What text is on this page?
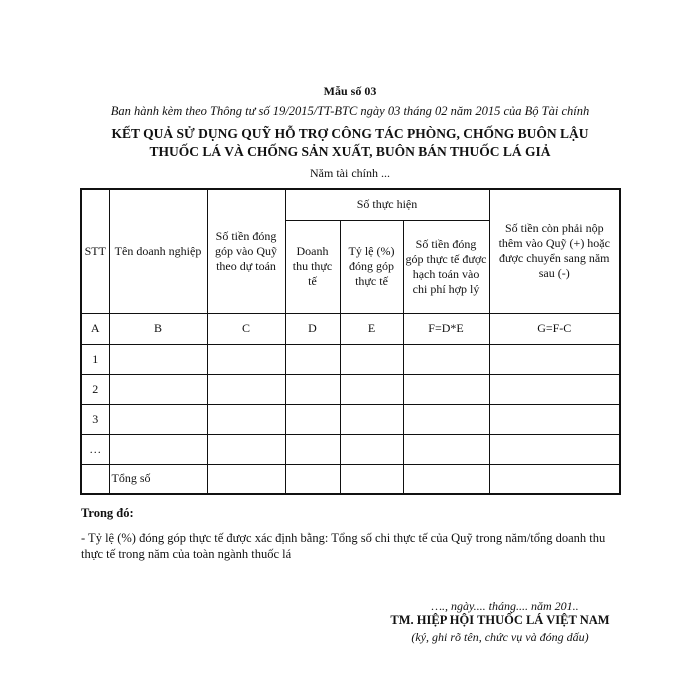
Mẫu số 03
Ban hành kèm theo Thông tư số 19/2015/TT-BTC ngày 03 tháng 02 năm 2015 của Bộ Tài chính
KẾT QUẢ SỬ DỤNG QUỸ HỖ TRỢ CÔNG TÁC PHÒNG, CHỐNG BUÔN LẬU
THUỐC LÁ VÀ CHỐNG SẢN XUẤT, BUÔN BÁN THUỐC LÁ GIẢ
Năm tài chính ...
STT	Tên doanh nghiệp	Số tiền đóng góp vào Quỹ theo dự toán	Số thực hiện			Số tiền còn phải nộp thêm vào Quỹ (+) hoặc được chuyển sang năm sau (-)
			Doanh thu thực tế	Tỷ lệ (%) đóng góp thực tế	Số tiền đóng góp thực tế được hạch toán vào chi phí hợp lý	
A	B	C	D	E	F=D*E	G=F-C
1						
2						
3						
…						
	Tổng số					
Trong đó:
- Tỷ lệ (%) đóng góp thực tế được xác định bằng: Tổng số chi thực tế của Quỹ trong năm/tổng doanh thu thực tế trong năm của toàn ngành thuốc lá
…., ngày.... tháng.... năm 201..
TM. HIỆP HỘI THUỐC LÁ VIỆT NAM
(ký, ghi rõ tên, chức vụ và đóng dấu)
